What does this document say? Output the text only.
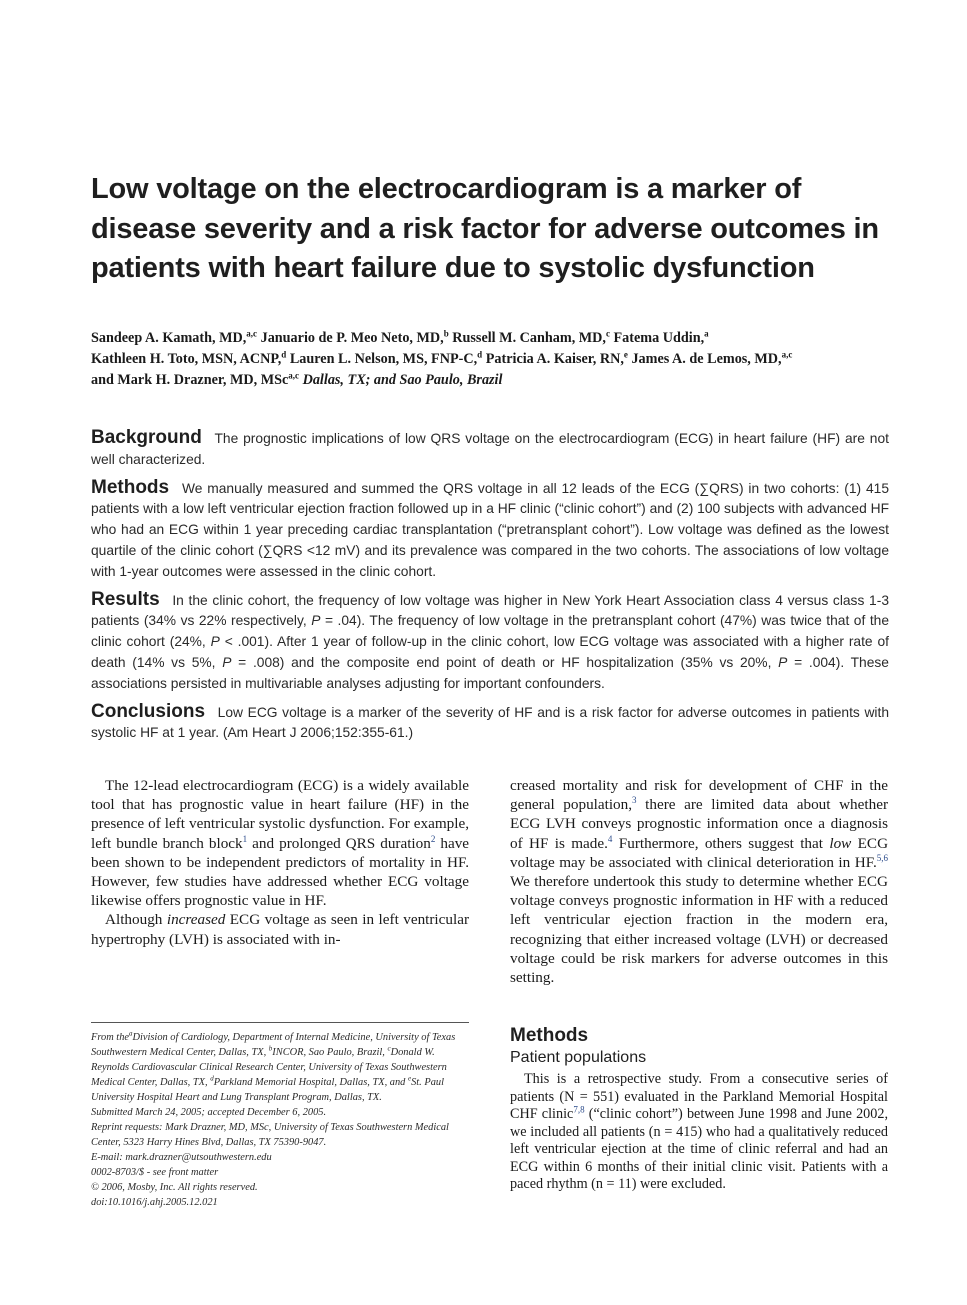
Low voltage on the electrocardiogram is a marker of disease severity and a risk factor for adverse outcomes in patients with heart failure due to systolic dysfunction
Sandeep A. Kamath, MD,$^{a,c}$ Januario de P. Meo Neto, MD,$^b$ Russell M. Canham, MD,$^c$ Fatema Uddin,$^a$
Kathleen H. Toto, MSN, ACNP,$^d$ Lauren L. Nelson, MS, FNP-C,$^d$ Patricia A. Kaiser, RN,$^e$ James A. de Lemos, MD,$^{a,c}$
and Mark H. Drazner, MD, MSc$^{a,c}$ Dallas, TX; and Sao Paulo, Brazil

Background The prognostic implications of low QRS voltage on the electrocardiogram (ECG) in heart failure (HF) are not well characterized.

Methods We manually measured and summed the QRS voltage in all 12 leads of the ECG (∑QRS) in two cohorts: (1) 415 patients with a low left ventricular ejection fraction followed up in a HF clinic (“clinic cohort”) and (2) 100 subjects with advanced HF who had an ECG within 1 year preceding cardiac transplantation (“pretransplant cohort”). Low voltage was defined as the lowest quartile of the clinic cohort (∑QRS <12 mV) and its prevalence was compared in the two cohorts. The associations of low voltage with 1-year outcomes were assessed in the clinic cohort.

Results In the clinic cohort, the frequency of low voltage was higher in New York Heart Association class 4 versus class 1-3 patients (34% vs 22% respectively, P = .04). The frequency of low voltage in the pretransplant cohort (47%) was twice that of the clinic cohort (24%, P < .001). After 1 year of follow-up in the clinic cohort, low ECG voltage was associated with a higher rate of death (14% vs 5%, P = .008) and the composite end point of death or HF hospitalization (35% vs 20%, P = .004). These associations persisted in multivariable analyses adjusting for important confounders.

Conclusions Low ECG voltage is a marker of the severity of HF and is a risk factor for adverse outcomes in patients with systolic HF at 1 year. (Am Heart J 2006;152:355-61.)

The 12-lead electrocardiogram (ECG) is a widely available tool that has prognostic value in heart failure (HF) in the presence of left ventricular systolic dysfunction. For example, left bundle branch block$^1$ and prolonged QRS duration$^2$ have been shown to be independent predictors of mortality in HF. However, few studies have addressed whether ECG voltage likewise offers prognostic value in HF.

Although increased ECG voltage as seen in left ventricular hypertrophy (LVH) is associated with in-

creased mortality and risk for development of CHF in the general population,$^3$ there are limited data about whether ECG LVH conveys prognostic information once a diagnosis of HF is made.$^4$ Furthermore, others suggest that low ECG voltage may be associated with clinical deterioration in HF.$^{5,6}$ We therefore undertook this study to determine whether ECG voltage conveys prognostic information in HF with a reduced left ventricular ejection fraction in the modern era, recognizing that either increased voltage (LVH) or decreased voltage could be risk markers for adverse outcomes in this setting.

From the$^a$Division of Cardiology, Department of Internal Medicine, University of Texas Southwestern Medical Center, Dallas, TX, $^b$INCOR, Sao Paulo, Brazil, $^c$Donald W. Reynolds Cardiovascular Clinical Research Center, University of Texas Southwestern Medical Center, Dallas, TX, $^d$Parkland Memorial Hospital, Dallas, TX, and $^e$St. Paul University Hospital Heart and Lung Transplant Program, Dallas, TX.
Submitted March 24, 2005; accepted December 6, 2005.
Reprint requests: Mark Drazner, MD, MSc, University of Texas Southwestern Medical Center, 5323 Harry Hines Blvd, Dallas, TX 75390-9047.
E-mail: mark.drazner@utsouthwestern.edu
0002-8703/$ - see front matter
© 2006, Mosby, Inc. All rights reserved.
doi:10.1016/j.ahj.2005.12.021
Methods
Patient populations

This is a retrospective study. From a consecutive series of patients (N = 551) evaluated in the Parkland Memorial Hospital CHF clinic$^{7,8}$ (“clinic cohort”) between June 1998 and June 2002, we included all patients (n = 415) who had a qualitatively reduced left ventricular ejection at the time of clinic referral and had an ECG within 6 months of their initial clinic visit. Patients with a paced rhythm (n = 11) were excluded.
